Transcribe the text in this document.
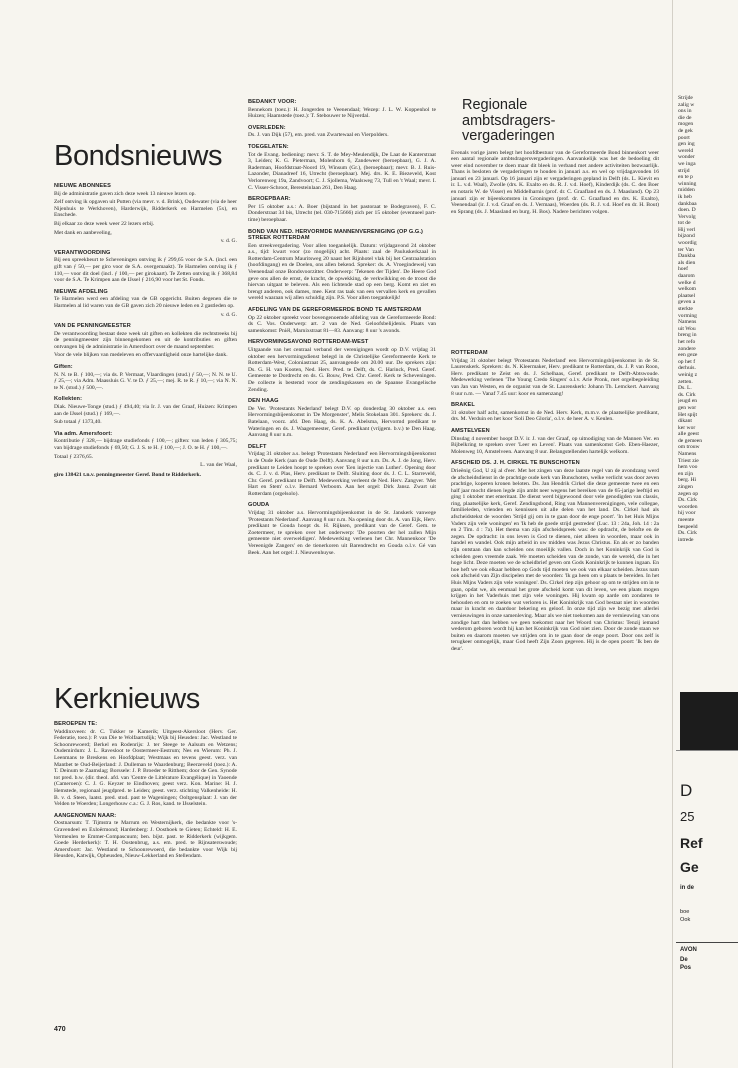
Bondsnieuws
NIEUWE ABONNEES

Bij de administratie gaven zich deze week 13 nieuwe lezers op.

Zelf ontving ik opgaven uit Putten (via mevr. v. d. Brink), Oudewater (via de heer Nijenhuis te Werkhoven), Harderwijk, Ridderkerk en Harmelen (5x), en Enschede.

Bij elkaar zo deze week weer 22 lezers erbij.

Met dank en aanbeveling,

v. d. G.

VERANTWOORDING

Bij een spreekbeurt te Scheveningen ontving ik ƒ 299,65 voor de S.A. (incl. een gift van ƒ 50,— per giro voor de S.A. overgemaakt). Te Harmelen ontving ik ƒ 110,— voor dit doel (incl. ƒ 100,— per girokaart). Te Zetten ontving ik ƒ 368,84 voor de S.A. Te Krimpen aan de IJssel ƒ 216,90 voor het St. Fonds.

NIEUWE AFDELING

Te Harmelen werd een afdeling van de GB opgericht. Buiten degenen die te Harmelen al lid waren van de GB gaven zich 20 nieuwe leden en 2 gastleden op.

v. d. G.

VAN DE PENNINGMEESTER

De verantwoording bestaat deze week uit giften en kollekten die rechtstreeks bij de penningmeester zijn binnengekomen en uit de kontributies en giften ontvangen bij de administratie in Amersfoort over de maand september.

Voor de vele blijken van medeleven en offervaardigheid onze hartelijke dank.

Giften:

N. N. te B. ƒ 100,—; via ds. P. Vermaat, Vlaardingen (stud.) ƒ 50,—; N. N. te U. ƒ 25,—; via Adm. Maassluis G. V. te D. ƒ 25,—; mej. R. te R. ƒ 10,—; via N. N. te N. (stud.) ƒ 500,—.

Kollekten:

Diak. Nieuwe-Tonge (stud.) ƒ 494,40; via Ir. J. van der Graaf, Huizen: Krimpen aan de IJssel (stud.) ƒ 169,—.

Sub totaal ƒ 1373,40.

Via adm. Amersfoort:

Kontributie ƒ 328,— bijdrage studiefonds ƒ 100,—; giften: van leden ƒ 305,75; van bijdrage studiefonds ƒ 69,50; G. J. S. te H. ƒ 100,—; J. O. te H. ƒ 100,—.

Totaal ƒ 2376,65.

L. van der Waal,

giro 138421 t.n.v. penningmeester Geref. Bond te Ridderkerk.

Kerknieuws
BEROEPEN TE:

Waddinxveen: dr. C. Tukker te Kamerik; Uitgeest-Akersloot (Herv. Ger. Federatie, toez.): P. van Die te Wolfaartsdijk; Wijk bij Heusden: Jac. Westland te Schoonrewoerd; Berkel en Rodenrijs: J. ter Steege te Aalsum en Wetzens; Oudemirdum: J. L. Ravesloot te Oostermeer-Eestrum; Nes en Wierum: Ph. J. Leenmans te Breskens en Hoofdplaat; Westmaas en tevens geest. verz. van Mantbet te Oud-Beijerland: J. Dulleman te Waardenburg; Beerzeveld (toez.): A. T. Deinum te Zaamslag; Borssele: J. P. Broeder te Ritthem; door de Gen. Synode tot pred. b.w. (dir. theol. afd. van 'Centre de Littérature Evangélique) in Yaoende (Cameroen): C. J. G. Keyzer te Eindhoven; geest verz. Kon. Marine: H. J. Hemstede, regionaal jeugdpred. te Leiden; geest. verz. stichting Valkenheide: H. B. v. d. Steen, laatst. pred. stud. past te Wageningen; Ooltgensplaat: J. van der Velden te Woerden; Longerhouw c.a.: G. J. Ros, kand. te IJsselstein.

AANGENOMEN NAAR:

Oostnarsum: T. Tijmstra te Marrum en Westernijkerk, die bedankte voor 's-Gravendeel en Exloërmond; Hardenberg: J. Oosthoek te Gieten; Echteld: H. E. Vermeulen te Emmer-Compascuum; ben. bijst. past. te Ridderkerk (wijkgem. Goede Herderkerk): T. H. Oostenbrug, a.s. em. pred. te Rijnsaterswoude; Amersfoort: Jac. Westland te Schoonrewoerd, die bedankte voor Wijk bij Heusden, Katwijk, Opheusden, Nieuw-Lekkerland en Stellendam.

BEDANKT VOOR:

Bennekom (toez.): H. Jongerden te Veenendaal; Wezep: J. L. W. Koppenhol te Huizen; Haamstede (toez.): T. Stebouwer te Nijverdal.

OVERLEDEN:

Ds. J. van Dijk (57), em. pred. van Zwartewaal en Vierpolders.

TOEGELATEN:

Tot de Evang. bediening: mevr. S. T. de Mey-Meulendijk, De Laat de Kanterstraat 3, Leiden; K. G. Pieterman, Molenhorn 6, Zandeweer (beroepbaar), G. J. A. Raderman, Hoofdstraat-Noord 19, Winsum (Gr.), (beroepbaar); mevr. B. J. Ruis-Lazonder, Dianadreef 16, Utrecht (beroepbaar). Mej. drs. K. E. Biezeveld, Kost Verlorenweg 19a, Zandvoort; C. J. Sjollema, Waalsweg 73, Tull en 't Waal; mevr. I. C. Visser-Schroot, Beresteinlaan 261, Den Haag.

BEROEPBAAR:

Per 15 oktober a.s.: A. Boer (bijstand in het pastoraat te Bodegraven), F. C. Donderstraat 34 bis, Utrecht (tel. 030-715666) zich per 15 oktober (eventueel part-time) beroepbaar.

BOND VAN NED. HERVORMDE MANNENVERENIGING (OP G.G.) STREEK ROTTERDAM

Een streekvergadering. Voor allen toegankelijk. Datum: vrijdagavond 24 oktober a.s., tijd: kwart voor (zo mogelijk) acht. Plaats: zaal de Pauluskerkzaal in Rotterdam-Centrum Mauritsweg 20 naast het Rijnhotel vlak bij het Centraalstation (hoofdingang) en de Doelen, ons allen bekend. Spreker: ds. A. Vroegindeweij van Veenendaal onze Bondsvoorzitter. Onderwerp: 'Tekenen der Tijden'. De Heere God geve ons allen de ernst, de kracht, de opwekking, de verkwikking en de troost die hiervan uitgaat te beleven. Als een lichtende stad op een berg. Komt en ziet en brengt anderen, ook dames, mee. Kent ras taak van een vervallen kerk en gevallen wereld waaraan wij allen schuldig zijn. P.S. Voor allen toegankelijk!

AFDELING VAN DE GEREFORMEERDE BOND TE AMSTERDAM

Op 22 oktober spreekt voor bovengenoemde afdeling van de Gereformeerde Bond: ds C. Vos. Onderwerp: art. 2 van de Ned. Geloofsbelijdenis. Plaats van samenkomst: Pniël, Marnixstraat 81—83. Aanvang: 8 uur 's avonds.

HERVORMINGSAVOND ROTTERDAM-WEST

Uitgaande van het centraal verband der verenigingen wordt op D.V. vrijdag 31 oktober een hervormingsdienst belegd in de Christelijke Gereformeerde Kerk te Rotterdam-West, Coloniastraat 25, aanvangende om 20.00 uur. De sprekers zijn: Ds. G. H. van Kooten, Ned. Herv. Pred. te Delft, ds. C. Harinck, Pred. Geref. Gemeente te Dordrecht en ds. G. Bouw, Pred. Chr. Geref. Kerk te Scheveningen. De collecte is bestemd voor de zendingskassen en de Spaanse Evangelische Zending.

DEN HAAG

De Ver. 'Protestants Nederland' belegt D.V. op donderdag 30 oktober a.s. een Hervormingsbijeenkomst in 'De Morgenster', Melis Stokelaan 301. Sprekers: ds. J. Batelaan, voorz. afd. Den Haag, ds. K. A. Abelsma, Hervormd predikant te Wateringen en ds. J. Waagemeester, Geref. predikant (vrijgem. b.v.) te Den Haag. Aanvang 8 uur n.m.

DELFT

Vrijdag 31 oktober a.s. belegt 'Protestants Nederland' een Hervormingsbijeenkomst in de Oude Kerk (aan de Oude Delft). Aanvang 8 uur n.m. Ds. A. J. de Jong, Herv. predikant te Leiden hoopt te spreken over 'Een injectie van Luther'. Opening door ds. C. J. v. d. Plas, Herv. predikant te Delft. Sluiting door ds. J. C. L. Starreveld, Chr. Geref. predikant te Delft. Medewerking verleent de Ned. Herv. Zangver. 'Met Hart en Stem' o.l.v. Bernard Verboom. Aan het orgel: Dirk Jansz. Zwart uit Rotterdam (orgelsolo).

GOUDA

Vrijdag 31 oktober a.s. Hervormingsbijeenkomst in de St. Janskerk vanwege 'Protestants Nederland'. Aanvang 8 uur n.m. Na opening door ds. A. van Eijk, Herv. predikant te Gouda hoopt ds. H. Rijksen, predikant van de Geref. Gem. te Zoetermeer, te spreken over het onderwerp: 'De poorten der hel zullen Mijn gemeente niet overweldigen'. Medewerking verlenen het Chr. Mannenkoor 'De Vereenigde Zangers' en de tienerkoren uit Barendrecht en Gouda o.l.v. Gé van Beek. Aan het orgel: J. Nieuwenhuyse.

Regionale
ambtsdragers-
vergaderingen
Evenals vorige jaren belegt het hoofdbestuur van de Gereformeerde Bond binnenkort weer een aantal regionale ambtsdragersvergaderingen. Aanvankelijk was het de bedoeling dit weer eind november te doen maar dit bleek in verband met andere activiteiten bezwaarlijk. Thans is besloten de vergaderingen te houden in januari a.s. en wel op vrijdagavonden 16 januari en 23 januari. Op 16 januari zijn er vergaderingen gepland in Delft (ds. L. Kievit en ir. L. v.d. Waal), Zwolle (drs. K. Exalto en ds. R. J. v.d. Hoef), Kinderdijk (ds. C. den Boer en notaris W. de Visser) en Middelharnis (prof. dr. C. Graafland en ds. J. Maasland). Op 23 januari zijn er bijeenkomsten in Groningen (prof. dr. C. Graafland en drs. K. Exalto), Veenendaal (ir. J. v.d. Graaf en ds. J. Vermaas), Woerden (ds. R. J. v.d. Hoef en dr. H. Bout) en Sprang (ds. J. Maasland en burg. H. Bos). Nadere berichten volgen.
ROTTERDAM

Vrijdag 31 oktober belegt 'Protestants Nederland' een Hervormingsbijeenkomst in de St. Laurenskerk. Sprekers: ds. N. Kleermaker, Herv. predikant te Rotterdam, ds. J. P. van Roon, Herv. predikant te Zeist en ds. J. Schelhaas, Geref. predikant te Delft-Abtswoude. Medewerking verlenen 'The Young Credo Singers' o.l.v. Arie Pronk, met orgelbegeleiding van Jan van Westen, en de organist van de St. Laurenskerk: Johann Th. Lemckert. Aanvang 8 uur n.m. — Vanaf 7.45 uur: koor en samenzang!

BRAKEL

31 oktober half acht, samenkomst in de Ned. Herv. Kerk, m.m.v. de plaatselijke predikant, drs. M. Verduin en het koor 'Soli Deo Gloria', o.l.v. de heer A. v. Keulen.

AMSTELVEEN

Dinsdag 4 november hoopt D.V. ir. J. van der Graaf, op uitnodiging van de Mannen Ver. en Bijbelkring te spreken over 'Leer en Leven'. Plaats van samenkomst Geb. Eben-Haezer, Molenweg 10, Amstelveen. Aanvang 8 uur. Belangstellenden hartelijk welkom.

AFSCHEID DS. J. H. CIRKEL TE BUNSCHOTEN

Drieënig God, U zij al d'eer. Met het zingen van deze laatste regel van de avondzang werd de afscheidsdienst in de prachtige oude kerk van Bunschoten, welke verlicht was door zeven prachtige, koperen kronen beloten. Ds. Jan Hendrik Cirkel die deze gemeente twee en een half jaar mocht dienen legde zijn ambt neer wegens het bereiken van de 65-jarige leeftijd en ging 1 oktober met emeritaat. De dienst werd bijgewoond door vele genodigden van classis, ring, plaatselijke kerk, Geref. Zendingsbond, Ring van Mannenverenigingen, vele collegae, familieleden, vrienden en kennissen uit alle delen van het land. Ds. Cirkel had als afscheidstekst de woorden 'Strijd gij om in te gaan door de enge poort'. 'In het Huis Mijns Vaders zijn vele woningen' en 'Ik heb de goede strijd gestreden' (Luc. 13 : 24a, Joh. 14 : 2a en 2 Tim. 4 : 7a). Het thema van zijn afscheidspreek was: de opdracht, de belofte en de zegen. De opdracht: in ons leven is God te dienen, niet alleen in woorden, maar ook in handel en wandel. Ook mijn arbeid in uw midden was Jezus Christus. En als er zo banden zijn ontstaan dan kan scheiden ons moeilijk vallen. Doch in het Koninkrijk van God is scheiden geen vreemde zaak. We moeten scheiden van de zonde, van de wereld, die in het hoge licht. Deze moeten we de scheidbrief geven om Gods Koninkrijk te kunnen ingaan. En hoe heft we ook elkaar hebben op Gods tijd moeten we ook van elkaar scheiden. Jezus nam ook afscheid van Zijn discipelen met de woorden: 'Ik ga heen om u plaats te bereiden. In het Huis Mijns Vaders zijn vele woningen'. Ds. Cirkel riep zijn gehoor op om te strijden om in te gaan, opdat we, als eenmaal het grote afscheid komt van dit leven, we een plaats mogen krijgen in het Vaderhuis met zijn vele woningen. Hij kwam op aarde om zondaren te behouden en om te zoeken wat verloren is. Het Koninkrijk van God bestaat niet in woorden maar in kracht en daardoor bekering en geloof. In onze tijd zijn we bezig met allerlei vernieuwingen in onze samenleving. Maar als we niet toekomen aan de vernieuwing van ons zondige hart dan hebben we geen toekomst naar het Woord van Christus: Tenzij iemand wederom geboren wordt hij kan het Koninkrijk van God niet zien. Door de zonde staan we buiten en daarom moeten we strijden om in te gaan door de enge poort. Door ons zelf is terugkeer onmogelijk, maar God heeft Zijn Zoon gegeven. Hij is de open poort: 'Ik ben de deur'.

Strijde
zalig w
ons in
die de
mogen
de gek
poort
gen ing
wereld
wonder
we inga
strijd
en te p
winning
midden
ik heb
dankbaa
doen. D
Vervolg
tot de
Hij verl
bijzond
woordig
ter Van
Dankba
als dien
hoef
daarom
welke d
welkom
plaatsel
geven a
sterkte
vorming
Namens
uit Wou
breng in
het refo
zondere
een geze
op het f
derhuis.
weinig z
zetten.
Ds. L.
ds. Cirk
jeugd en
gen wor
Het spijt
dikant
ker wor
alle geest
de gemeen
om trouw
Namens
Triest zie
hem voo
en zijn
berg. Hi
zingen
zegen op
Ds. Cirk
woorden
hij voor
meente
bespeeld
Ds. Cirk
intrede
D
25
Ref
Ge
in de
boe
Ook
AVON
De
Pos
470
